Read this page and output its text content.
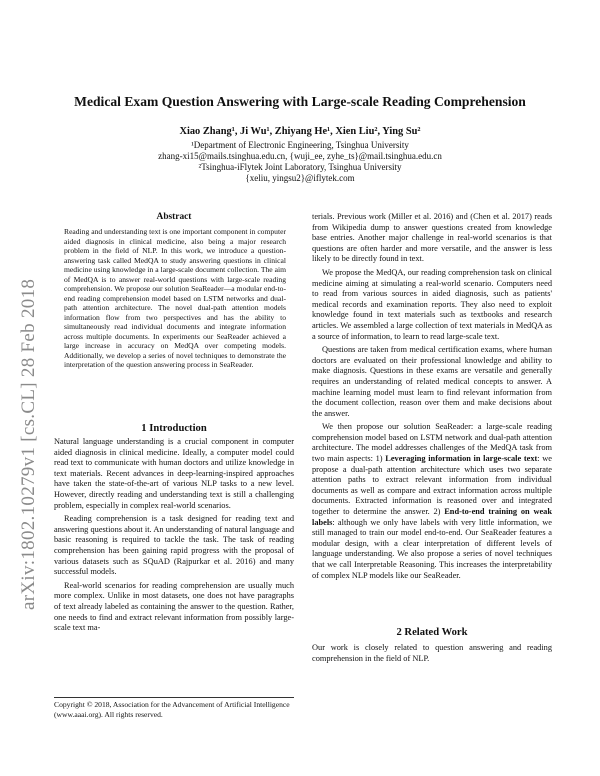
arXiv:1802.10279v1 [cs.CL] 28 Feb 2018
Medical Exam Question Answering with Large-scale Reading Comprehension
Xiao Zhang¹, Ji Wu¹, Zhiyang He¹, Xien Liu², Ying Su²
¹Department of Electronic Engineering, Tsinghua University
zhang-xi15@mails.tsinghua.edu.cn, {wuji_ee, zyhe_ts}@mail.tsinghua.edu.cn
²Tsinghua-iFlytek Joint Laboratory, Tsinghua University
{xeliu, yingsu2}@iflytek.com
Abstract
Reading and understanding text is one important component in computer aided diagnosis in clinical medicine, also being a major research problem in the field of NLP. In this work, we introduce a question-answering task called MedQA to study answering questions in clinical medicine using knowledge in a large-scale document collection. The aim of MedQA is to answer real-world questions with large-scale reading comprehension. We propose our solution SeaReader—a modular end-to-end reading comprehension model based on LSTM networks and dual-path attention architecture. The novel dual-path attention models information flow from two perspectives and has the ability to simultaneously read individual documents and integrate information across multiple documents. In experiments our SeaReader achieved a large increase in accuracy on MedQA over competing models. Additionally, we develop a series of novel techniques to demonstrate the interpretation of the question answering process in SeaReader.
1 Introduction

Natural language understanding is a crucial component in computer aided diagnosis in clinical medicine. Ideally, a computer model could read text to communicate with human doctors and utilize knowledge in text materials. Recent advances in deep-learning-inspired approaches have taken the state-of-the-art of various NLP tasks to a new level. However, directly reading and understanding text is still a challenging problem, especially in complex real-world scenarios.

Reading comprehension is a task designed for reading text and answering questions about it. An understanding of natural language and basic reasoning is required to tackle the task. The task of reading comprehension has been gaining rapid progress with the proposal of various datasets such as SQuAD (Rajpurkar et al. 2016) and many successful models.

Real-world scenarios for reading comprehension are usually much more complex. Unlike in most datasets, one does not have paragraphs of text already labeled as containing the answer to the question. Rather, one needs to find and extract relevant information from possibly large-scale text ma-

Copyright © 2018, Association for the Advancement of Artificial Intelligence (www.aaai.org). All rights reserved.

terials. Previous work (Miller et al. 2016) and (Chen et al. 2017) reads from Wikipedia dump to answer questions created from knowledge base entries. Another major challenge in real-world scenarios is that questions are often harder and more versatile, and the answer is less likely to be directly found in text.

We propose the MedQA, our reading comprehension task on clinical medicine aiming at simulating a real-world scenario. Computers need to read from various sources in aided diagnosis, such as patients' medical records and examination reports. They also need to exploit knowledge found in text materials such as textbooks and research articles. We assembled a large collection of text materials in MedQA as a source of information, to learn to read large-scale text.

Questions are taken from medical certification exams, where human doctors are evaluated on their professional knowledge and ability to make diagnosis. Questions in these exams are versatile and generally requires an understanding of related medical concepts to answer. A machine learning model must learn to find relevant information from the document collection, reason over them and make decisions about the answer.

We then propose our solution SeaReader: a large-scale reading comprehension model based on LSTM network and dual-path attention architecture. The model addresses challenges of the MedQA task from two main aspects: 1) Leveraging information in large-scale text: we propose a dual-path attention architecture which uses two separate attention paths to extract relevant information from individual documents as well as compare and extract information across multiple documents. Extracted information is reasoned over and integrated together to determine the answer. 2) End-to-end training on weak labels: although we only have labels with very little information, we still managed to train our model end-to-end. Our SeaReader features a modular design, with a clear interpretation of different levels of language understanding. We also propose a series of novel techniques that we call Interpretable Reasoning. This increases the interpretability of complex NLP models like our SeaReader.

2 Related Work

Our work is closely related to question answering and reading comprehension in the field of NLP.
